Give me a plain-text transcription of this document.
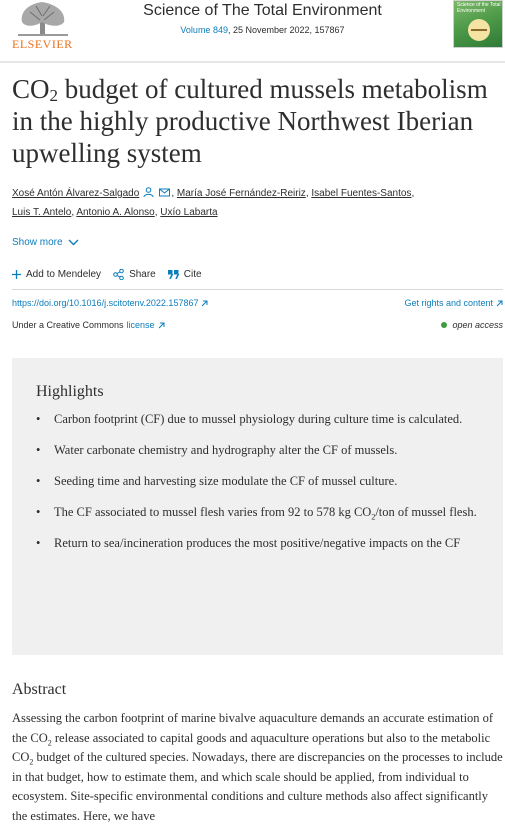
ELSEVIER
Science of The Total Environment
Volume 849, 25 November 2022, 157867
Science of the Total Environment
$CO_2$ budget of cultured mussels metabolism in the highly productive Northwest Iberian upwelling system
Xosé Antón Álvarez-Salgado	, María José Fernández-Reiriz, Isabel Fuentes-Santos,
Luis T. Antelo, Antonio A. Alonso, Uxío Labarta
Show more
Add to Mendeley	Share	Cite
https://doi.org/10.1016/j.scitotenv.2022.157867	Get rights and content
Under a Creative Commons license	open access
Highlights
• Carbon footprint (CF) due to mussel physiology during culture time is calculated.
• Water carbonate chemistry and hydrography alter the CF of mussels.
• Seeding time and harvesting size modulate the CF of mussel culture.
• The CF associated to mussel flesh varies from 92 to 578 kg $CO_2$/ton of mussel flesh.
• Return to sea/incineration produces the most positive/negative impacts on the CF
Abstract

Assessing the carbon footprint of marine bivalve aquaculture demands an accurate estimation of the $CO_2$ release associated to capital goods and aquaculture operations but also to the metabolic $CO_2$ budget of the cultured species. Nowadays, there are discrepancies on the processes to include in that budget, how to estimate them, and which scale should be applied, from individual to ecosystem. Site-specific environmental conditions and culture methods also affect significantly the estimates. Here, we have
